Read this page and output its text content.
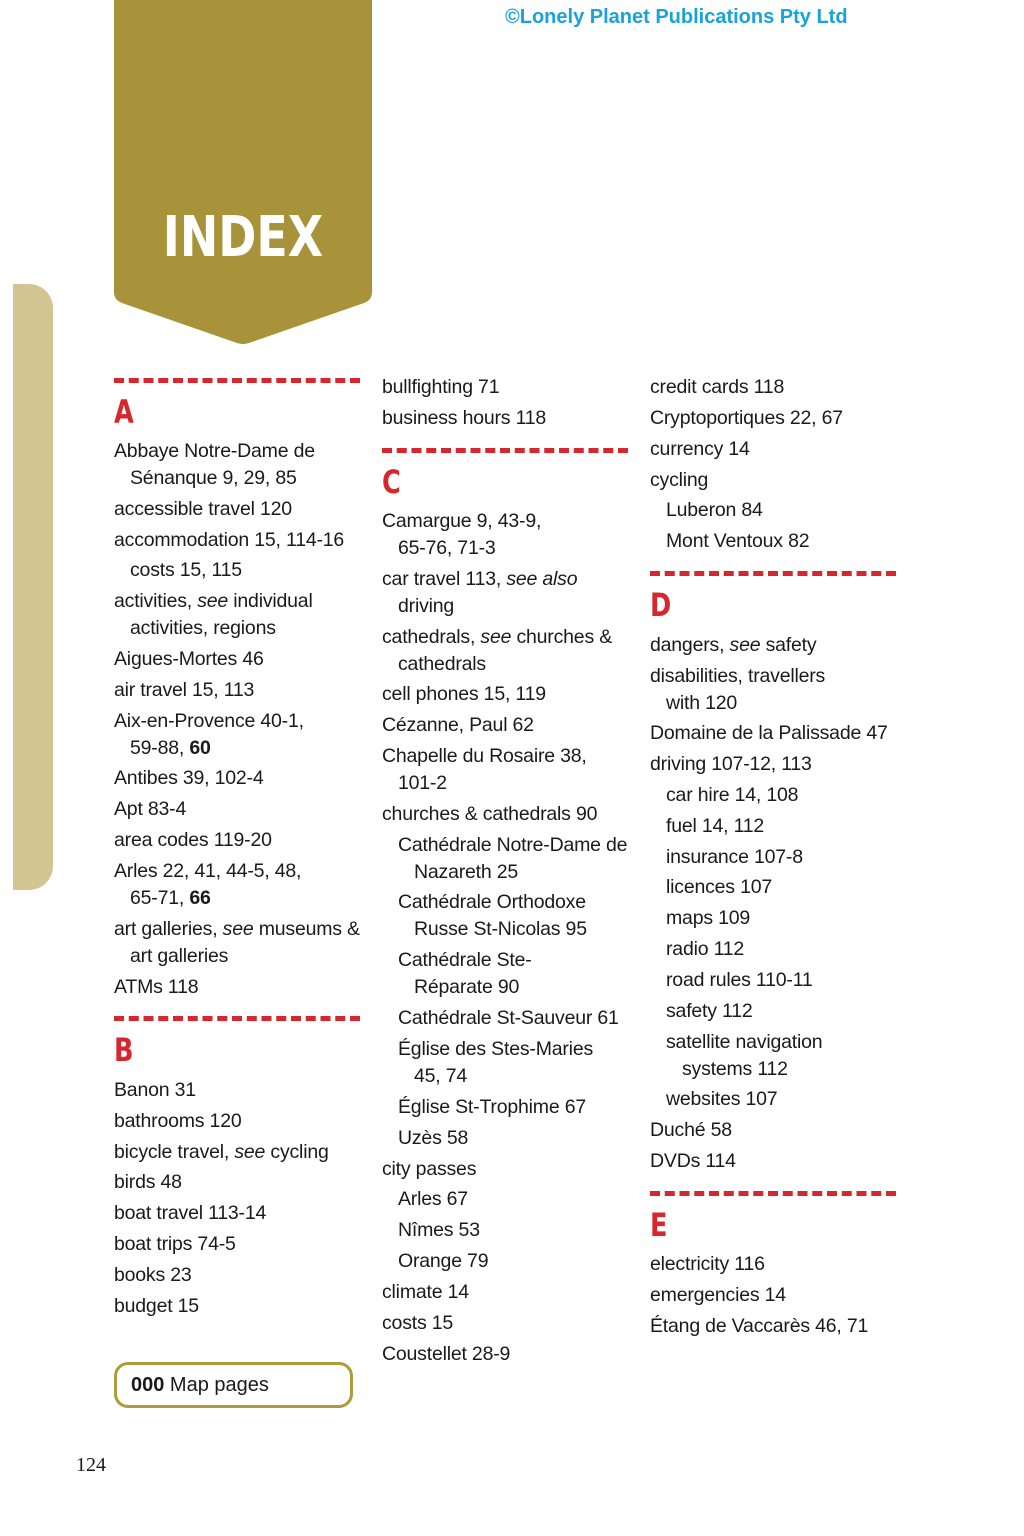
©Lonely Planet Publications Pty Ltd
INDEX
A
Abbaye Notre-Dame de
Sénanque 9, 29, 85
accessible travel 120
accommodation 15, 114-16
costs 15, 115
activities, see individual
activities, regions
Aigues-Mortes 46
air travel 15, 113
Aix-en-Provence 40-1,
59-88, 60
Antibes 39, 102-4
Apt 83-4
area codes 119-20
Arles 22, 41, 44-5, 48,
65-71, 66
art galleries, see museums &
art galleries
ATMs 118
B
Banon 31
bathrooms 120
bicycle travel, see cycling
birds 48
boat travel 113-14
boat trips 74-5
books 23
budget 15
000 Map pages
bullfighting 71
business hours 118
C
Camargue 9, 43-9,
65-76, 71-3
car travel 113, see also
driving
cathedrals, see churches &
cathedrals
cell phones 15, 119
Cézanne, Paul 62
Chapelle du Rosaire 38,
101-2
churches & cathedrals 90
Cathédrale Notre-Dame de
Nazareth 25
Cathédrale Orthodoxe
Russe St-Nicolas 95
Cathédrale Ste-
Réparate 90
Cathédrale St-Sauveur 61
Église des Stes-Maries
45, 74
Église St-Trophime 67
Uzès 58
city passes
Arles 67
Nîmes 53
Orange 79
climate 14
costs 15
Coustellet 28-9
credit cards 118
Cryptoportiques 22, 67
currency 14
cycling
Luberon 84
Mont Ventoux 82
D
dangers, see safety
disabilities, travellers
with 120
Domaine de la Palissade 47
driving 107-12, 113
car hire 14, 108
fuel 14, 112
insurance 107-8
licences 107
maps 109
radio 112
road rules 110-11
safety 112
satellite navigation
systems 112
websites 107
Duché 58
DVDs 114
E
electricity 116
emergencies 14
Étang de Vaccarès 46, 71
124
